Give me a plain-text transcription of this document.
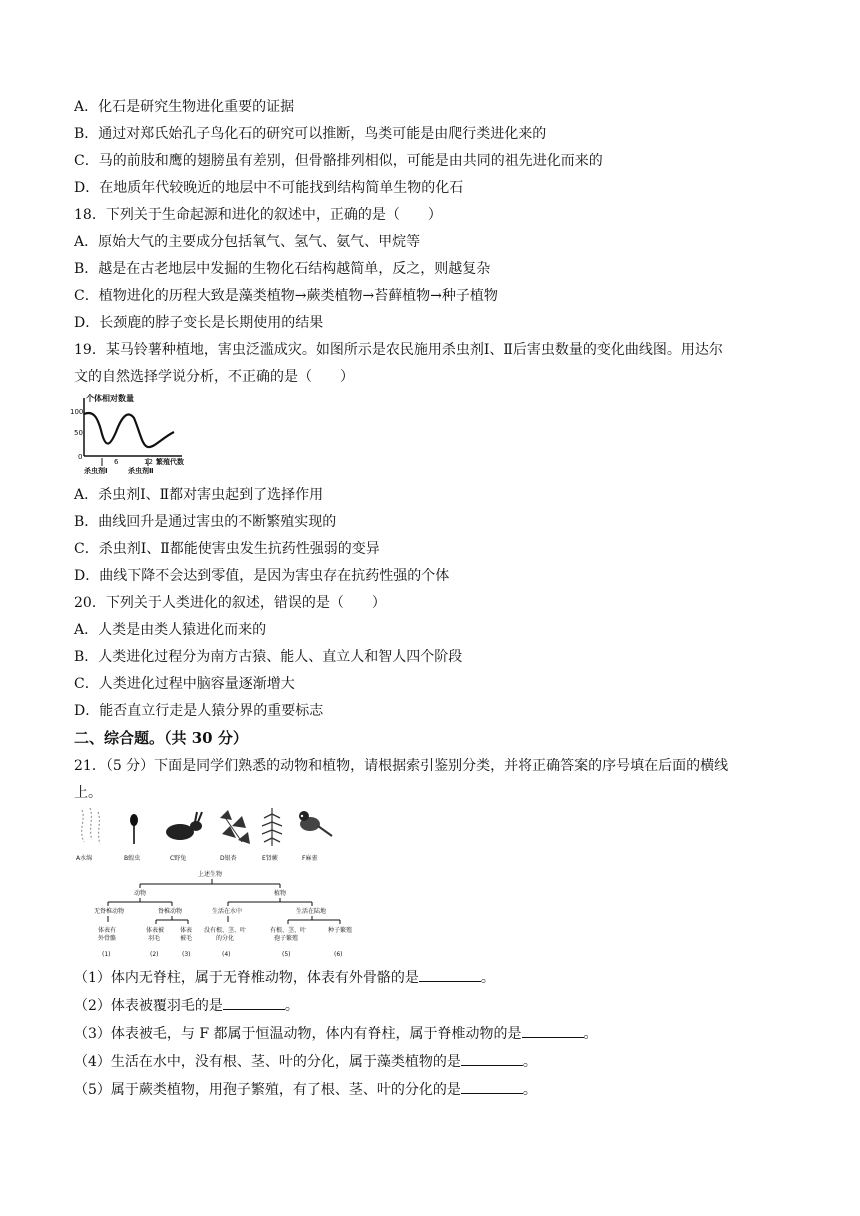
A．化石是研究生物进化重要的证据
B．通过对郑氏始孔子鸟化石的研究可以推断，鸟类可能是由爬行类进化来的
C．马的前肢和鹰的翅膀虽有差别，但骨骼排列相似，可能是由共同的祖先进化而来的
D．在地质年代较晚近的地层中不可能找到结构简单生物的化石
18．下列关于生命起源和进化的叙述中，正确的是（　　）
A．原始大气的主要成分包括氧气、氢气、氨气、甲烷等
B．越是在古老地层中发掘的生物化石结构越简单，反之，则越复杂
C．植物进化的历程大致是藻类植物→蕨类植物→苔藓植物→种子植物
D．长颈鹿的脖子变长是长期使用的结果
19．某马铃薯种植地，害虫泛滥成灾。如图所示是农民施用杀虫剂Ⅰ、Ⅱ后害虫数量的变化曲线图。用达尔
文的自然选择学说分析，不正确的是（　　）
个体相对数量
100
50
0
6	12 繁殖代数
杀虫剂Ⅰ	杀虫剂Ⅱ
A．杀虫剂Ⅰ、Ⅱ都对害虫起到了选择作用
B．曲线回升是通过害虫的不断繁殖实现的
C．杀虫剂Ⅰ、Ⅱ都能使害虫发生抗药性强弱的变异
D．曲线下降不会达到零值，是因为害虫存在抗药性强的个体
20．下列关于人类进化的叙述，错误的是（　　）
A．人类是由类人猿进化而来的
B．人类进化过程分为南方古猿、能人、直立人和智人四个阶段
C．人类进化过程中脑容量逐渐增大
D．能否直立行走是人猿分界的重要标志
二、综合题。（共 30 分）
21．（5 分）下面是同学们熟悉的动物和植物，请根据索引鉴别分类，并将正确答案的序号填在后面的横线
上。
A水绵	B蝗虫	C野兔	D银杏	E肾蕨	F麻雀
上述生物
动物	植物
无脊椎动物	脊椎动物	生活在水中	生活在陆地
体表有
外骨骼
(1)
体表被
羽毛
(2)
体表
被毛
(3)
没有根、茎、叶
的分化
(4)
有根、茎、叶
孢子繁殖
(5)
种子繁殖
(6)
（1）体内无脊柱，属于无脊椎动物，体表有外骨骼的是	。
（2）体表被覆羽毛的是	。
（3）体表被毛，与 F 都属于恒温动物，体内有脊柱，属于脊椎动物的是	。
（4）生活在水中，没有根、茎、叶的分化，属于藻类植物的是	。
（5）属于蕨类植物，用孢子繁殖，有了根、茎、叶的分化的是	。
